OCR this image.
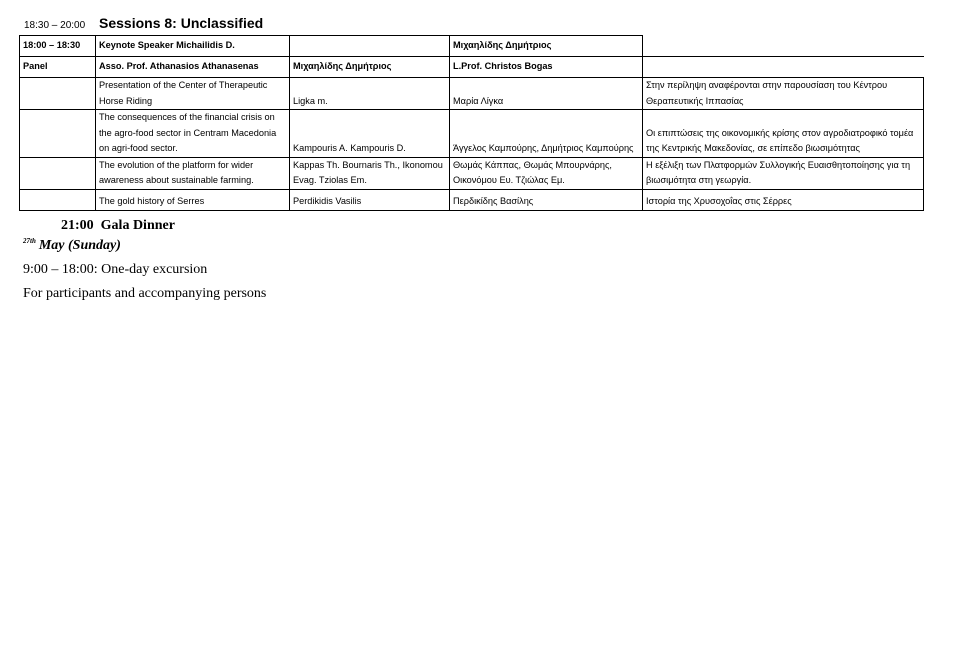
18:30 – 20:00 Sessions 8: Unclassified
18:00 – 18:30	Keynote Speaker Michailidis D.		Μιχαηλίδης Δημήτριος	
Panel	Asso. Prof. Athanasios Athanasenas	Μιχαηλίδης Δημήτριος	L.Prof. Christos Bogas	
	Presentation of the Center of Therapeutic Horse Riding	Ligka m.	Μαρία Λίγκα	Στην περίληψη αναφέρονται στην παρουσίαση του Κέντρου Θεραπευτικής Ιππασίας
	The consequences of the financial crisis on the agro-food sector in Centram Macedonia on agri-food sector.	Kampouris A. Kampouris D.	Άγγελος Καμπούρης, Δημήτριος Καμπούρης	Οι επιπτώσεις της οικονομικής κρίσης στον αγροδιατροφικό τομέα της Κεντρικής Μακεδονίας, σε επίπεδο βιωσιμότητας
	The evolution of the platform for wider awareness about sustainable farming.	Kappas Th. Bournaris Th., Ikonomou Evag. Tziolas Em.	Θωμάς Κάππας, Θωμάς Μπουρνάρης, Οικονόμου Ευ. Τζιώλας Εμ.	Η εξέλιξη των Πλατφορμών Συλλογικής Ευαισθητοποίησης για τη βιωσιμότητα στη γεωργία.
	The gold history of Serres	Perdikidis Vasilis	Περδικίδης Βασίλης	Ιστορία της Χρυσοχοΐας στις Σέρρες
21:00 Gala Dinner
$^{27th}$ May (Sunday)
9:00 – 18:00: One-day excursion
For participants and accompanying persons
